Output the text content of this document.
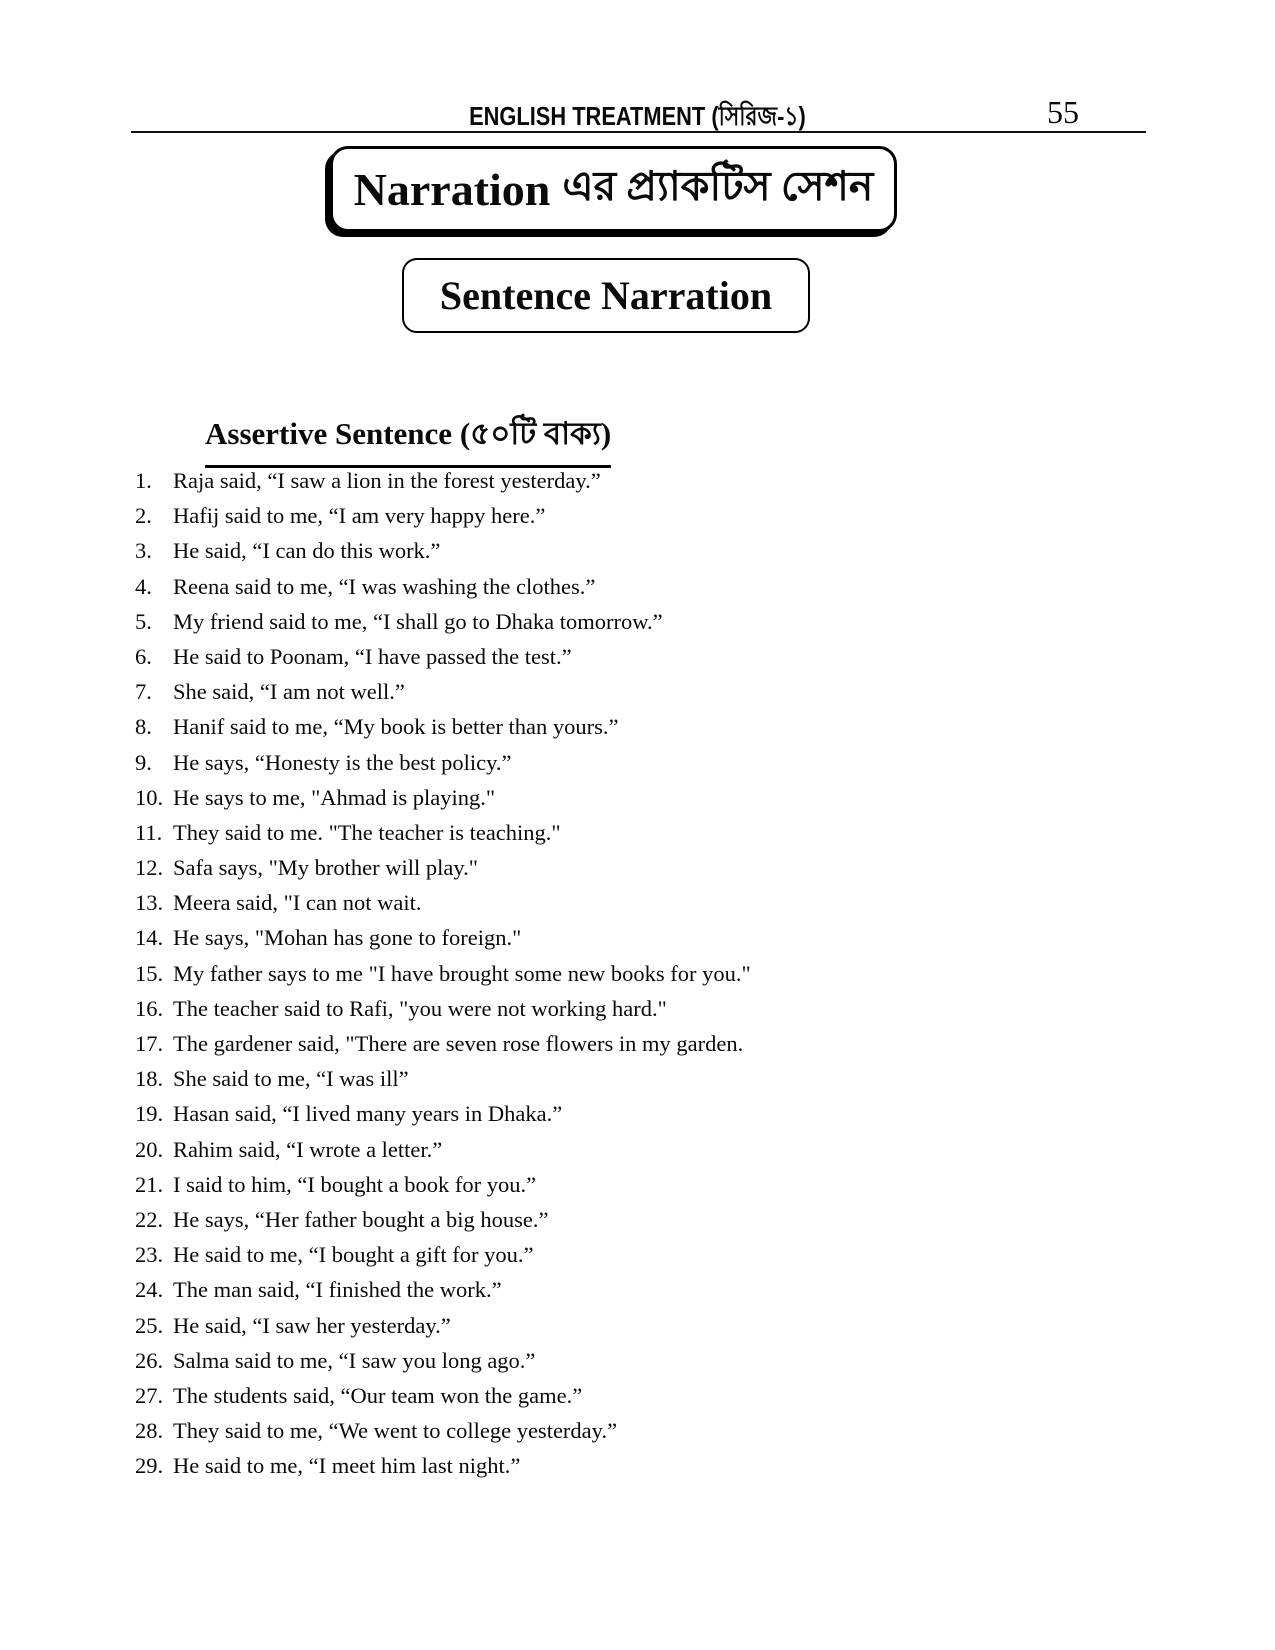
ENGLISH TREATMENT (সিরিজ-১)	55
Narration এর প্র্যাকটিস সেশন
Sentence Narration
Assertive Sentence (৫০টি বাক্য)
1. Raja said, “I saw a lion in the forest yesterday.”
2. Hafij said to me, “I am very happy here.”
3. He said, “I can do this work.”
4. Reena said to me, “I was washing the clothes.”
5. My friend said to me, “I shall go to Dhaka tomorrow.”
6. He said to Poonam, “I have passed the test.”
7. She said, “I am not well.”
8. Hanif said to me, “My book is better than yours.”
9. He says, “Honesty is the best policy.”
10. He says to me, "Ahmad is playing."
11. They said to me. "The teacher is teaching."
12. Safa says, "My brother will play."
13. Meera said, "I can not wait.
14. He says, "Mohan has gone to foreign."
15. My father says to me "I have brought some new books for you."
16. The teacher said to Rafi, "you were not working hard."
17. The gardener said, "There are seven rose flowers in my garden.
18. She said to me, “I was ill”
19. Hasan said, “I lived many years in Dhaka.”
20. Rahim said, “I wrote a letter.”
21. I said to him, “I bought a book for you.”
22. He says, “Her father bought a big house.”
23. He said to me, “I bought a gift for you.”
24. The man said, “I finished the work.”
25. He said, “I saw her yesterday.”
26. Salma said to me, “I saw you long ago.”
27. The students said, “Our team won the game.”
28. They said to me, “We went to college yesterday.”
29. He said to me, “I meet him last night.”
